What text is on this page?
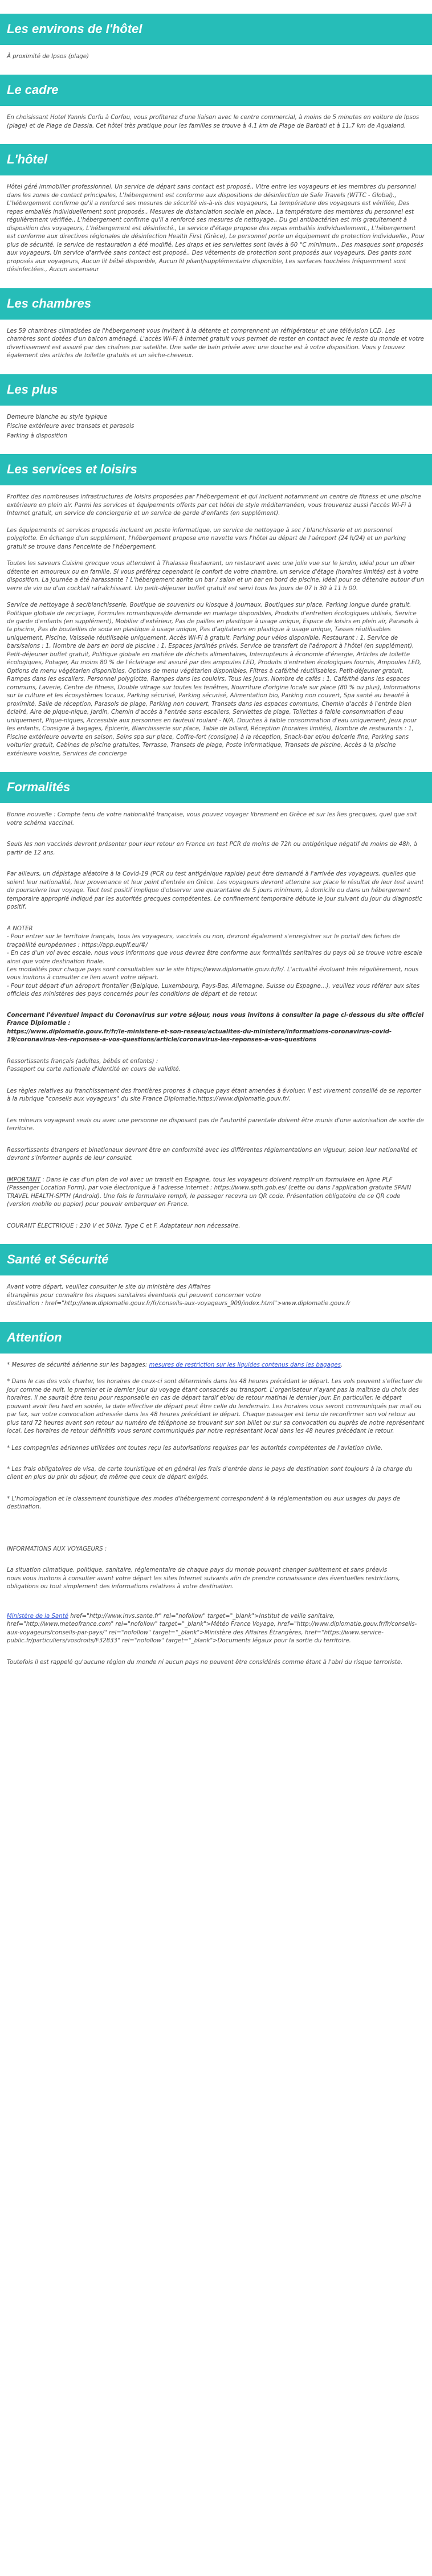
Les environs de l'hôtel

À proximité de Ipsos (plage)

Le cadre

En choisissant Hotel Yannis Corfu à Corfou, vous profiterez d'une liaison avec le centre commercial, à moins de 5 minutes en voiture de Ipsos (plage) et de Plage de Dassia. Cet hôtel très pratique pour les familles se trouve à 4,1 km de Plage de Barbati et à 11,7 km de Aqualand.

L'hôtel

Hôtel géré immobilier professionnel. Un service de départ sans contact est proposé., Vitre entre les voyageurs et les membres du personnel dans les zones de contact principales, L'hébergement est conforme aux dispositions de désinfection de Safe Travels (WTTC - Global)., L'hébergement confirme qu'il a renforcé ses mesures de sécurité vis-à-vis des voyageurs, La température des voyageurs est vérifiée, Des repas emballés individuellement sont proposés., Mesures de distanciation sociale en place., La température des membres du personnel est régulièrement vérifiée., L'hébergement confirme qu'il a renforcé ses mesures de nettoyage., Du gel antibactérien est mis gratuitement à disposition des voyageurs, L'hébergement est désinfecté., Le service d'étage propose des repas emballés individuellement., L'hébergement est conforme aux directives régionales de désinfection Health First (Grèce), Le personnel porte un équipement de protection individuelle., Pour plus de sécurité, le service de restauration a été modifié, Les draps et les serviettes sont lavés à 60 °C minimum., Des masques sont proposés aux voyageurs, Un service d'arrivée sans contact est proposé., Des vêtements de protection sont proposés aux voyageurs, Des gants sont proposés aux voyageurs, Aucun lit bébé disponible, Aucun lit pliant/supplémentaire disponible, Les surfaces touchées fréquemment sont désinfectées., Aucun ascenseur

Les chambres

Les 59 chambres climatisées de l'hébergement vous invitent à la détente et comprennent un réfrigérateur et une télévision LCD. Les chambres sont dotées d'un balcon aménagé. L'accès Wi-Fi à Internet gratuit vous permet de rester en contact avec le reste du monde et votre divertissement est assuré par des chaînes par satellite. Une salle de bain privée avec une douche est à votre disposition. Vous y trouvez également des articles de toilette gratuits et un sèche-cheveux.

Les plus
Demeure blanche au style typique
Piscine extérieure avec transats et parasols
Parking à disposition
Les services et loisirs

Profitez des nombreuses infrastructures de loisirs proposées par l'hébergement et qui incluent notamment un centre de fitness et une piscine extérieure en plein air. Parmi les services et équipements offerts par cet hôtel de style méditerranéen, vous trouverez aussi l'accès Wi-Fi à Internet gratuit, un service de conciergerie et un service de garde d'enfants (en supplément).

Les équipements et services proposés incluent un poste informatique, un service de nettoyage à sec / blanchisserie et un personnel polyglotte. En échange d'un supplément, l'hébergement propose une navette vers l'hôtel au départ de l'aéroport (24 h/24) et un parking gratuit se trouve dans l'enceinte de l'hébergement.

Toutes les saveurs Cuisine grecque vous attendent à Thalassa Restaurant, un restaurant avec une jolie vue sur le jardin, idéal pour un dîner détente en amoureux ou en famille. Si vous préférez cependant le confort de votre chambre, un service d'étage (horaires limités) est à votre disposition. La journée a été harassante ? L'hébergement abrite un bar / salon et un bar en bord de piscine, idéal pour se détendre autour d'un verre de vin ou d'un cocktail rafraîchissant. Un petit-déjeuner buffet gratuit est servi tous les jours de 07 h 30 à 11 h 00.

Service de nettoyage à sec/blanchisserie, Boutique de souvenirs ou kiosque à journaux, Boutiques sur place, Parking longue durée gratuit, Politique globale de recyclage, Formules romantiques/de demande en mariage disponibles, Produits d'entretien écologiques utilisés, Service de garde d'enfants (en supplément), Mobilier d'extérieur, Pas de pailles en plastique à usage unique, Espace de loisirs en plein air, Parasols à la piscine, Pas de bouteilles de soda en plastique à usage unique, Pas d'agitateurs en plastique à usage unique, Tasses réutilisables uniquement, Piscine, Vaisselle réutilisable uniquement, Accès Wi-Fi à gratuit, Parking pour vélos disponible, Restaurant : 1, Service de bars/salons : 1, Nombre de bars en bord de piscine : 1, Espaces jardinés privés, Service de transfert de l'aéroport à l'hôtel (en supplément), Petit-déjeuner buffet gratuit, Politique globale en matière de déchets alimentaires, Interrupteurs à économie d'énergie, Articles de toilette écologiques, Potager, Au moins 80 % de l'éclairage est assuré par des ampoules LED, Produits d'entretien écologiques fournis, Ampoules LED, Options de menu végétarien disponibles, Options de menu végétarien disponibles, Filtres à café/thé réutilisables, Petit-déjeuner gratuit, Rampes dans les escaliers, Personnel polyglotte, Rampes dans les couloirs, Tous les jours, Nombre de cafés : 1, Café/thé dans les espaces communs, Laverie, Centre de fitness, Double vitrage sur toutes les fenêtres, Nourriture d'origine locale sur place (80 % ou plus), Informations sur la culture et les écosystèmes locaux, Parking sécurisé, Parking sécurisé, Alimentation bio, Parking non couvert, Spa santé au beauté à proximité, Salle de réception, Parasols de plage, Parking non couvert, Transats dans les espaces communs, Chemin d'accès à l'entrée bien éclairé, Aire de pique-nique, Jardin, Chemin d'accès à l'entrée sans escaliers, Serviettes de plage, Toilettes à faible consommation d'eau uniquement, Pique-niques, Accessible aux personnes en fauteuil roulant - N/A, Douches à faible consommation d'eau uniquement, Jeux pour les enfants, Consigne à bagages, Épicerie, Blanchisserie sur place, Table de billard, Réception (horaires limités), Nombre de restaurants : 1, Piscine extérieure ouverte en saison, Soins spa sur place, Coffre-fort (consigne) à la réception, Snack-bar et/ou épicerie fine, Parking sans voiturier gratuit, Cabines de piscine gratuites, Terrasse, Transats de plage, Poste informatique, Transats de piscine, Accès à la piscine extérieure voisine, Services de concierge

Formalités

Bonne nouvelle : Compte tenu de votre nationalité française, vous pouvez voyager librement en Grèce et sur les îles grecques, quel que soit votre schéma vaccinal.

Seuls les non vaccinés devront présenter pour leur retour en France un test PCR de moins de 72h ou antigénique négatif de moins de 48h, à partir de 12 ans.

Par ailleurs, un dépistage aléatoire à la Covid-19 (PCR ou test antigénique rapide) peut être demandé à l'arrivée des voyageurs, quelles que soient leur nationalité, leur provenance et leur point d'entrée en Grèce. Les voyageurs devront attendre sur place le résultat de leur test avant de poursuivre leur voyage. Tout test positif implique d'observer une quarantaine de 5 jours minimum, à domicile ou dans un hébergement temporaire approprié indiqué par les autorités grecques compétentes. Le confinement temporaire débute le jour suivant du jour du diagnostic positif.

A NOTER
- Pour entrer sur le territoire français, tous les voyageurs, vaccinés ou non, devront également s'enregistrer sur le portail des fiches de traçabilité européennes : https://app.euplf.eu/#/
- En cas d'un vol avec escale, nous vous informons que vous devrez être conforme aux formalités sanitaires du pays où se trouve votre escale ainsi que votre destination finale.
Les modalités pour chaque pays sont consultables sur le site https://www.diplomatie.gouv.fr/fr/. L'actualité évoluant très régulièrement, nous vous invitons à consulter ce lien avant votre départ.
- Pour tout départ d'un aéroport frontalier (Belgique, Luxembourg, Pays-Bas, Allemagne, Suisse ou Espagne...), veuillez vous référer aux sites officiels des ministères des pays concernés pour les conditions de départ et de retour.

Concernant l'éventuel impact du Coronavirus sur votre séjour, nous vous invitons à consulter la page ci-dessous du site officiel France Diplomatie :
https://www.diplomatie.gouv.fr/fr/le-ministere-et-son-reseau/actualites-du-ministere/informations-coronavirus-covid-19/coronavirus-les-reponses-a-vos-questions/article/coronavirus-les-reponses-a-vos-questions

Ressortissants français (adultes, bébés et enfants) :
Passeport ou carte nationale d'identité en cours de validité.

Les règles relatives au franchissement des frontières propres à chaque pays étant amenées à évoluer, il est vivement conseillé de se reporter à la rubrique "conseils aux voyageurs" du site France Diplomatie,https://www.diplomatie.gouv.fr/.

Les mineurs voyageant seuls ou avec une personne ne disposant pas de l'autorité parentale doivent être munis d'une autorisation de sortie de territoire.

Ressortissants étrangers et binationaux devront être en conformité avec les différentes réglementations en vigueur, selon leur nationalité et devront s'informer auprès de leur consulat.

IMPORTANT : Dans le cas d'un plan de vol avec un transit en Espagne, tous les voyageurs doivent remplir un formulaire en ligne PLF (Passenger Location Form), par voie électronique à l'adresse internet : https://www.spth.gob.es/ (cette ou dans l'application gratuite SPAIN TRAVEL HEALTH-SPTH (Android). Une fois le formulaire rempli, le passager recevra un QR code. Présentation obligatoire de ce QR code (version mobile ou papier) pour pouvoir embarquer en France.

COURANT ÉLECTRIQUE : 230 V et 50Hz. Type C et F. Adaptateur non nécessaire.

Santé et Sécurité

Avant votre départ, veuillez consulter le site du ministère des Affaires
étrangères pour connaître les risques sanitaires éventuels qui peuvent concerner votre
destination : href="http://www.diplomatie.gouv.fr/fr/conseils-aux-voyageurs_909/index.html">www.diplomatie.gouv.fr

Attention

* Mesures de sécurité aérienne sur les bagages: mesures de restriction sur les liquides contenus dans les bagages.

* Dans le cas des vols charter, les horaires de ceux-ci sont déterminés dans les 48 heures précédant le départ. Les vols peuvent s'effectuer de jour comme de nuit, le premier et le dernier jour du voyage étant consacrés au transport. L'organisateur n'ayant pas la maîtrise du choix des horaires, il ne saurait être tenu pour responsable en cas de départ tardif et/ou de retour matinal le dernier jour. En particulier, le départ pouvant avoir lieu tard en soirée, la date effective de départ peut être celle du lendemain. Les horaires vous seront communiqués par mail ou par fax, sur votre convocation adressée dans les 48 heures précédant le départ. Chaque passager est tenu de reconfirmer son vol retour au plus tard 72 heures avant son retour au numéro de téléphone se trouvant sur son billet ou sur sa convocation ou auprès de notre représentant local. Les horaires de retour définitifs vous seront communiqués par notre représentant local dans les 48 heures précédant le retour.

* Les compagnies aériennes utilisées ont toutes reçu les autorisations requises par les autorités compétentes de l'aviation civile.

* Les frais obligatoires de visa, de carte touristique et en général les frais d'entrée dans le pays de destination sont toujours à la charge du client en plus du prix du séjour, de même que ceux de départ exigés.

* L'homologation et le classement touristique des modes d'hébergement correspondent à la réglementation ou aux usages du pays de destination.

INFORMATIONS AUX VOYAGEURS :

La situation climatique, politique, sanitaire, réglementaire de chaque pays du monde pouvant changer subitement et sans préavis
nous vous invitons à consulter avant votre départ les sites Internet suivants afin de prendre connaissance des éventuelles restrictions, obligations ou tout simplement des informations relatives à votre destination.

Ministère de la Santé href="http://www.invs.sante.fr" rel="nofollow" target="_blank">Institut de veille sanitaire, href="http://www.meteofrance.com" rel="nofollow" target="_blank">Météo France Voyage, href="http://www.diplomatie.gouv.fr/fr/conseils-aux-voyageurs/conseils-par-pays/" rel="nofollow" target="_blank">Ministère des Affaires Étrangères, href="https://www.service-public.fr/particuliers/vosdroits/F32833" rel="nofollow" target="_blank">Documents légaux pour la sortie du territoire.

Toutefois il est rappelé qu'aucune région du monde ni aucun pays ne peuvent être considérés comme étant à l'abri du risque terroriste.
